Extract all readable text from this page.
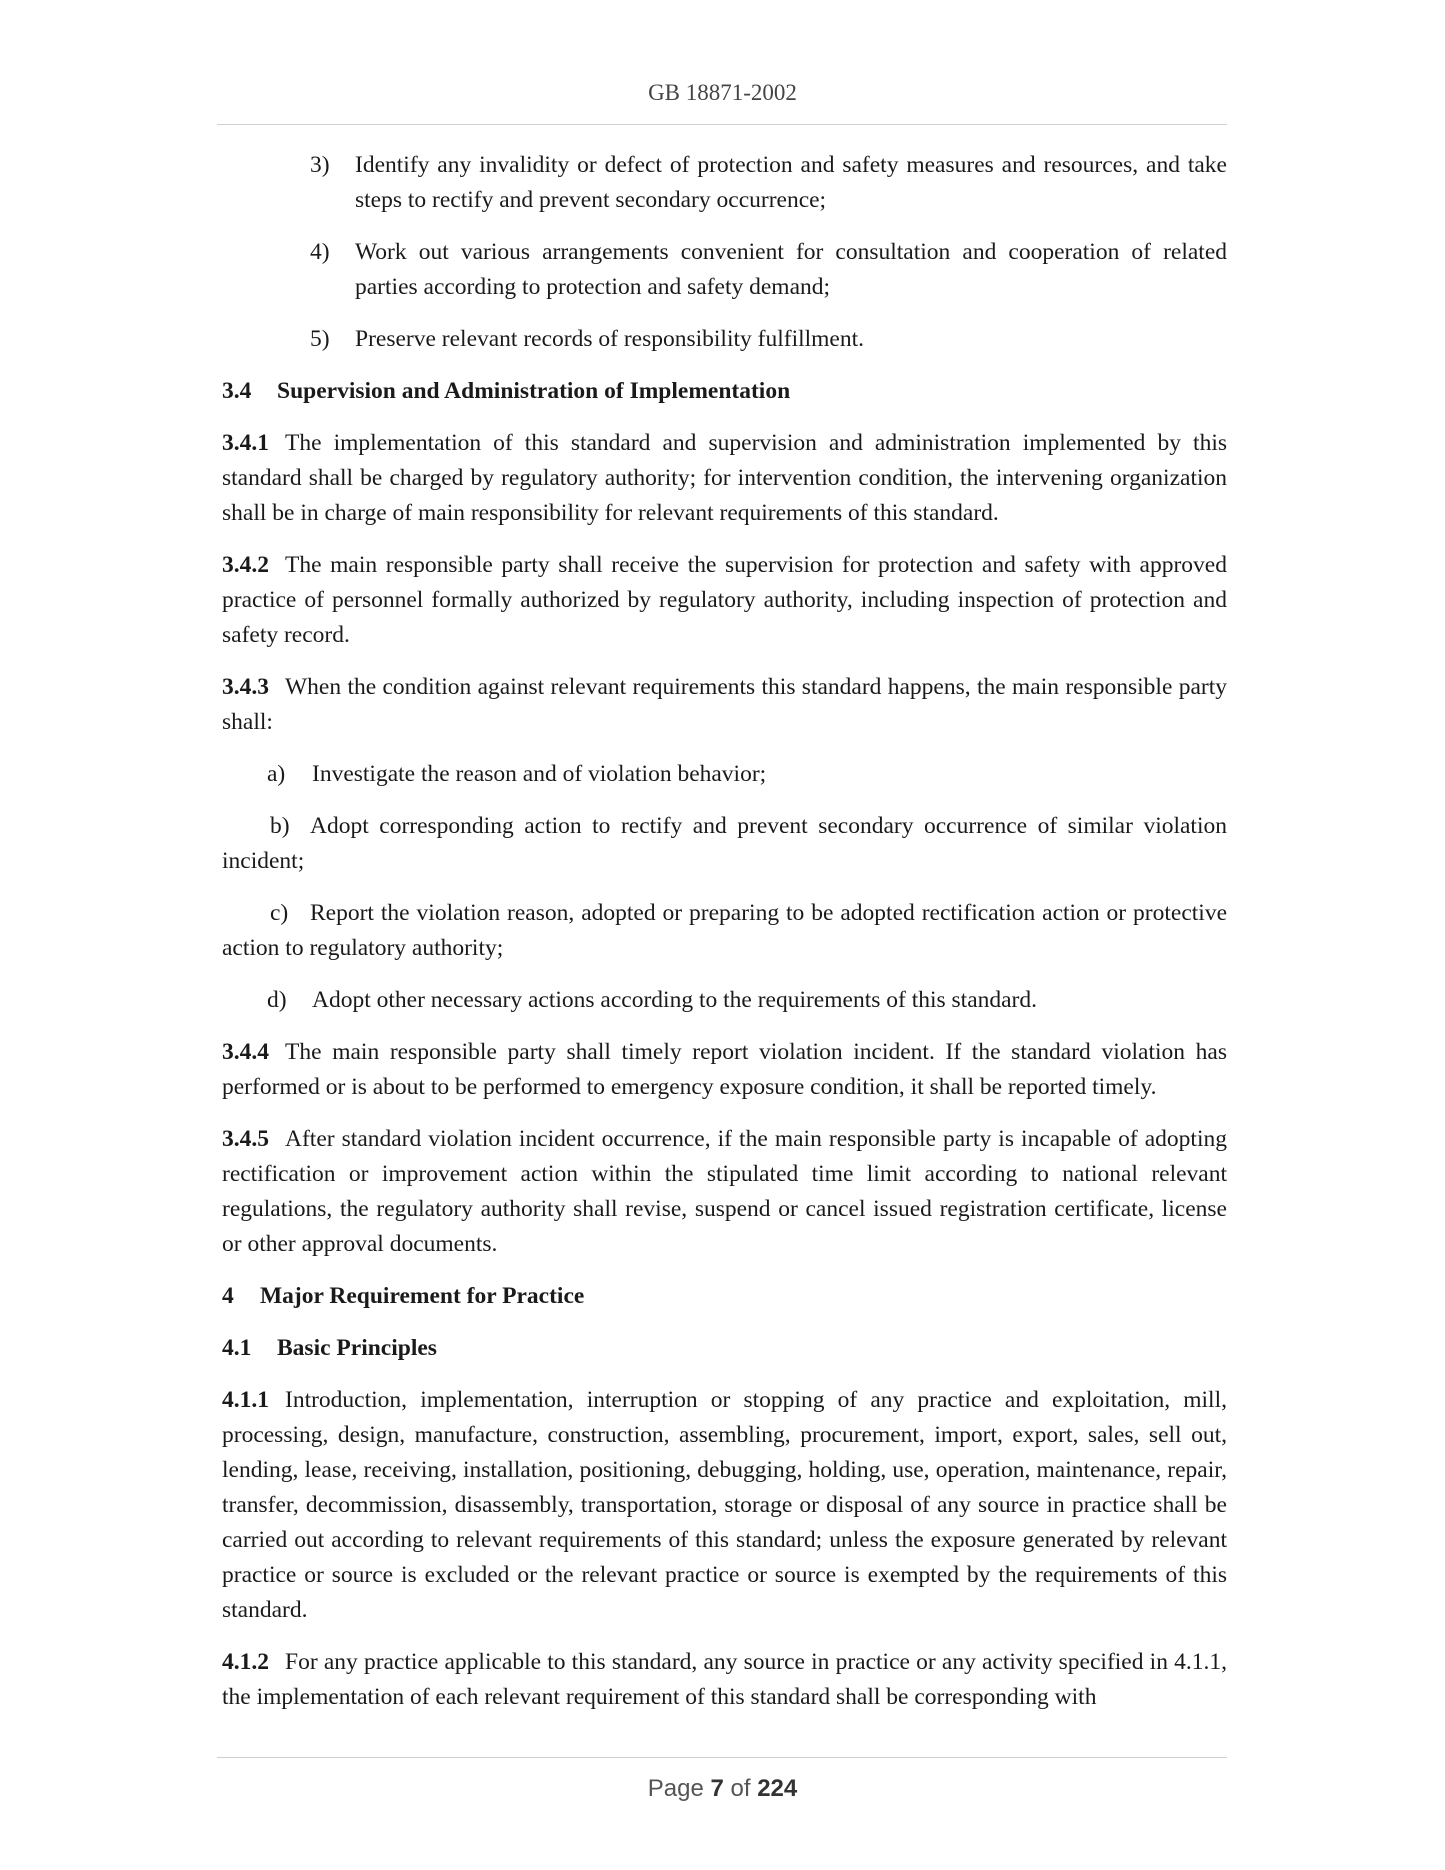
GB 18871-2002
3)	Identify any invalidity or defect of protection and safety measures and resources, and take steps to rectify and prevent secondary occurrence;
4)	Work out various arrangements convenient for consultation and cooperation of related parties according to protection and safety demand;
5)	Preserve relevant records of responsibility fulfillment.
3.4 Supervision and Administration of Implementation

3.4.1 The implementation of this standard and supervision and administration implemented by this standard shall be charged by regulatory authority; for intervention condition, the intervening organization shall be in charge of main responsibility for relevant requirements of this standard.

3.4.2 The main responsible party shall receive the supervision for protection and safety with approved practice of personnel formally authorized by regulatory authority, including inspection of protection and safety record.

3.4.3 When the condition against relevant requirements this standard happens, the main responsible party shall:

a)	Investigate the reason and of violation behavior;

b) Adopt corresponding action to rectify and prevent secondary occurrence of similar violation incident;

c) Report the violation reason, adopted or preparing to be adopted rectification action or protective action to regulatory authority;

d)	Adopt other necessary actions according to the requirements of this standard.

3.4.4 The main responsible party shall timely report violation incident. If the standard violation has performed or is about to be performed to emergency exposure condition, it shall be reported timely.

3.4.5 After standard violation incident occurrence, if the main responsible party is incapable of adopting rectification or improvement action within the stipulated time limit according to national relevant regulations, the regulatory authority shall revise, suspend or cancel issued registration certificate, license or other approval documents.

4 Major Requirement for Practice
4.1 Basic Principles

4.1.1 Introduction, implementation, interruption or stopping of any practice and exploitation, mill, processing, design, manufacture, construction, assembling, procurement, import, export, sales, sell out, lending, lease, receiving, installation, positioning, debugging, holding, use, operation, maintenance, repair, transfer, decommission, disassembly, transportation, storage or disposal of any source in practice shall be carried out according to relevant requirements of this standard; unless the exposure generated by relevant practice or source is excluded or the relevant practice or source is exempted by the requirements of this standard.

4.1.2 For any practice applicable to this standard, any source in practice or any activity specified in 4.1.1, the implementation of each relevant requirement of this standard shall be corresponding with

Page 7 of 224
